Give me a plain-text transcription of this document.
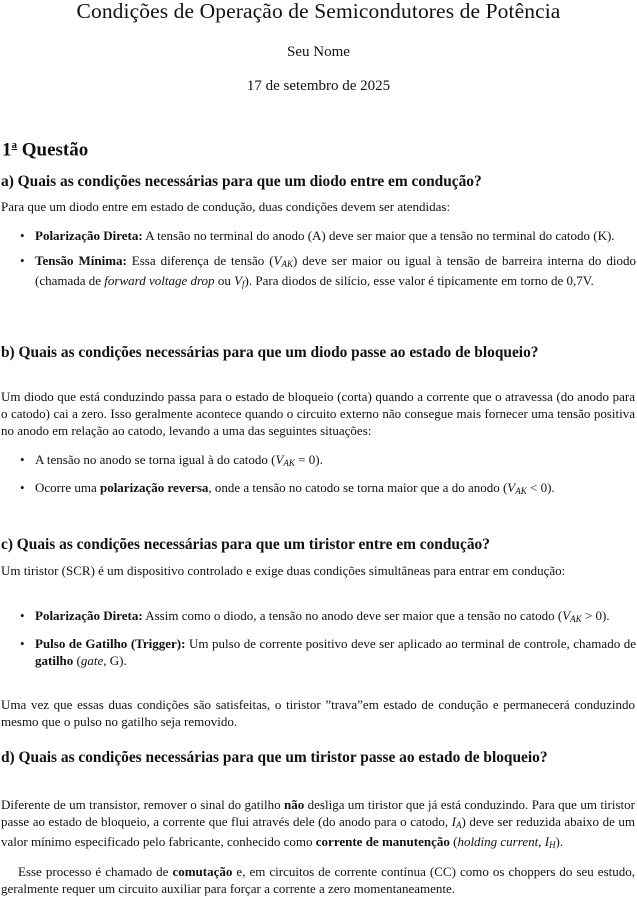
Condições de Operação de Semicondutores de Potência
Seu Nome
17 de setembro de 2025
1$^a$ Questão
a) Quais as condições necessárias para que um diodo entre em condução?
Para que um diodo entre em estado de condução, duas condições devem ser atendidas:
• Polarização Direta: A tensão no terminal do anodo (A) deve ser maior que a tensão no terminal do catodo (K).
• Tensão Mínima: Essa diferença de tensão $(V_{AK})$ deve ser maior ou igual à tensão de barreira interna do diodo (chamada de forward voltage drop ou $V_f$). Para diodos de silício, esse valor é tipicamente em torno de 0,7V.
b) Quais as condições necessárias para que um diodo passe ao estado de bloqueio?
Um diodo que está conduzindo passa para o estado de bloqueio (corta) quando a corrente que o atravessa (do anodo para o catodo) cai a zero. Isso geralmente acontece quando o circuito externo não consegue mais fornecer uma tensão positiva no anodo em relação ao catodo, levando a uma das seguintes situações:
• A tensão no anodo se torna igual à do catodo $(V_{AK} = 0)$.
• Ocorre uma polarização reversa, onde a tensão no catodo se torna maior que a do anodo $(V_{AK} < 0)$.
c) Quais as condições necessárias para que um tiristor entre em condução?
Um tiristor (SCR) é um dispositivo controlado e exige duas condições simultâneas para entrar em condução:
• Polarização Direta: Assim como o diodo, a tensão no anodo deve ser maior que a tensão no catodo $(V_{AK} > 0)$.
• Pulso de Gatilho (Trigger): Um pulso de corrente positivo deve ser aplicado ao terminal de controle, chamado de gatilho (gate, G).
Uma vez que essas duas condições são satisfeitas, o tiristor ”trava”em estado de condução e permanecerá conduzindo mesmo que o pulso no gatilho seja removido.
d) Quais as condições necessárias para que um tiristor passe ao estado de bloqueio?
Diferente de um transistor, remover o sinal do gatilho não desliga um tiristor que já está conduzindo. Para que um tiristor passe ao estado de bloqueio, a corrente que flui através dele (do anodo para o catodo, $I_A$) deve ser reduzida abaixo de um valor mínimo especificado pelo fabricante, conhecido como corrente de manutenção (holding current, $I_H$).
Esse processo é chamado de comutação e, em circuitos de corrente contínua (CC) como os choppers do seu estudo, geralmente requer um circuito auxiliar para forçar a corrente a zero momentaneamente.
